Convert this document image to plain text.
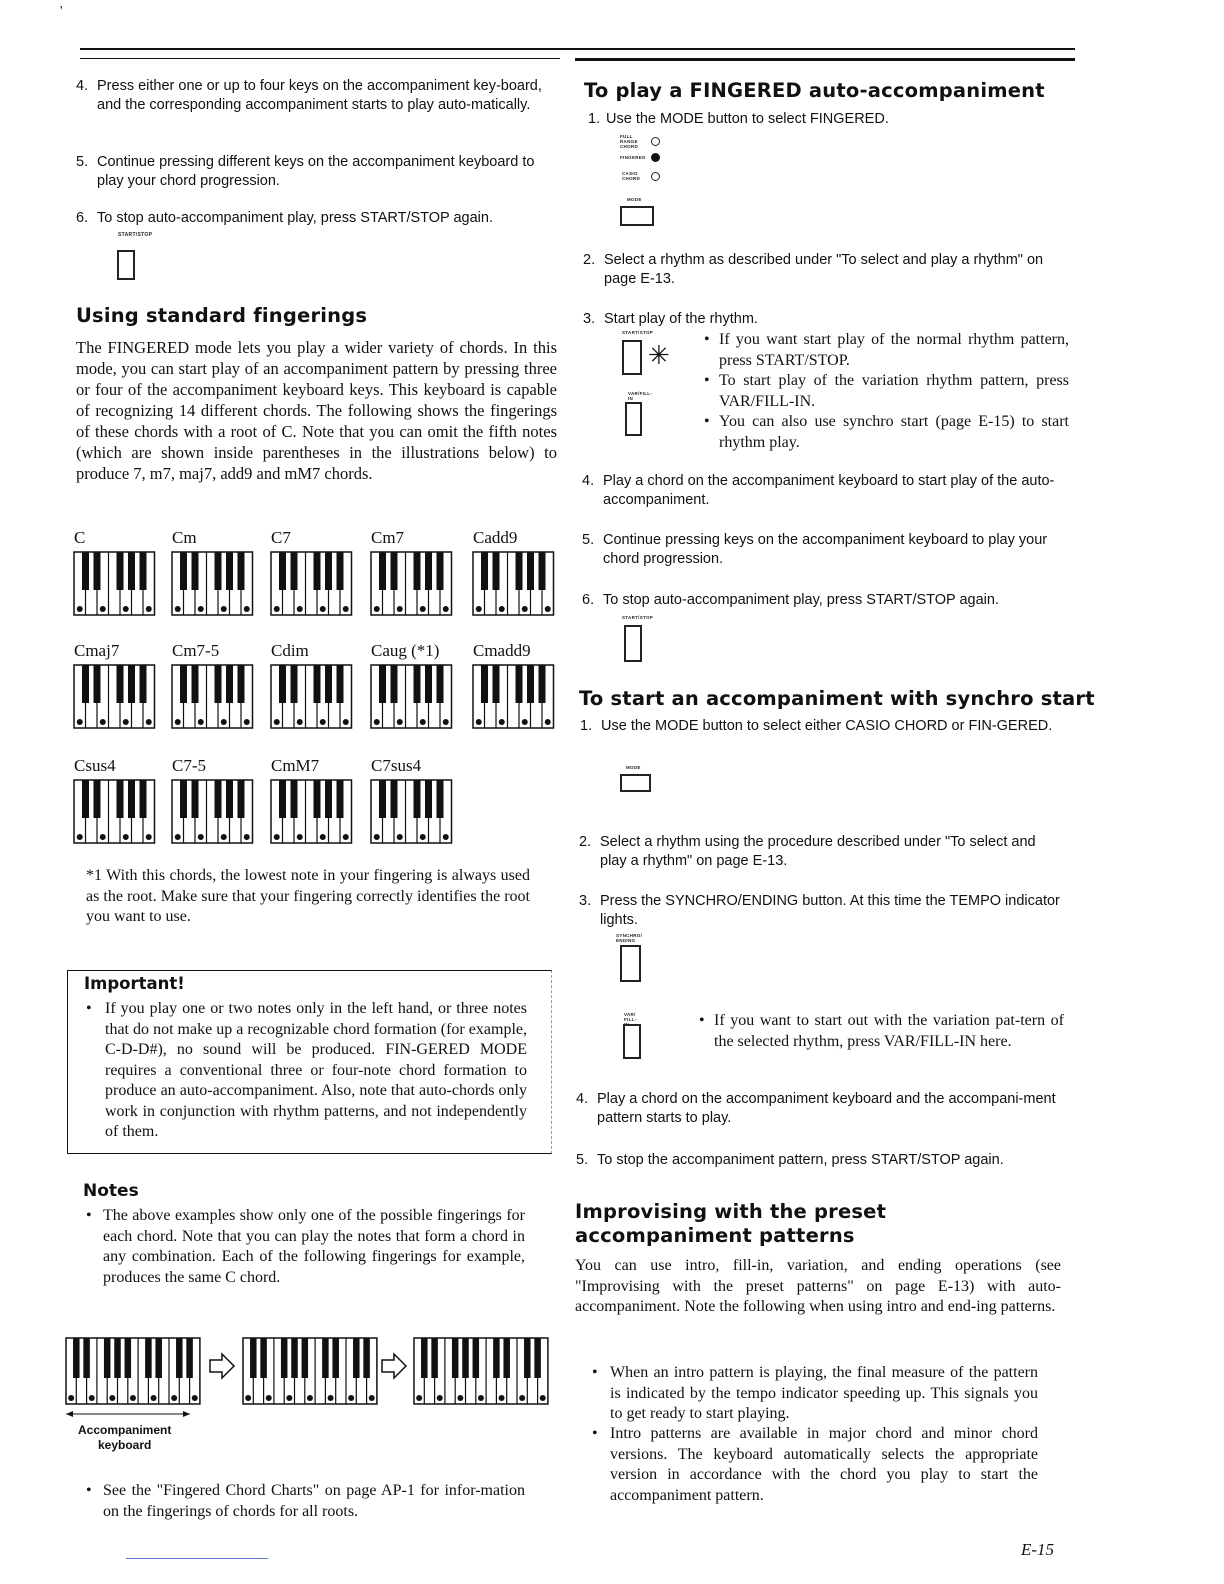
'
4. Press either one or up to four keys on the accompaniment key-board, and the corresponding accompaniment starts to play auto-matically.
5. Continue pressing different keys on the accompaniment keyboard to play your chord progression.
6. To stop auto-accompaniment play, press START/STOP again.
START/STOP
Using standard fingerings
The FINGERED mode lets you play a wider variety of chords. In this mode, you can start play of an accompaniment pattern by pressing three or four of the accompaniment keyboard keys. This keyboard is capable of recognizing 14 different chords. The following shows the fingerings of these chords with a root of C. Note that you can omit the fifth notes (which are shown inside parentheses in the illustrations below) to produce 7, m7, maj7, add9 and mM7 chords.
C	Cm	C7	Cm7	Cadd9
Cmaj7	Cm7-5	Cdim	Caug (*1) Cmadd9
Csus4	C7-5	CmM7	C7sus4
*1 With this chords, the lowest note in your fingering is always used as the root. Make sure that your fingering correctly identifies the root you want to use.
Important!
• If you play one or two notes only in the left hand, or three notes that do not make up a recognizable chord formation (for example, C-D-D#), no sound will be produced. FIN-GERED MODE requires a conventional three or four-note chord formation to produce an auto-accompaniment. Also, note that auto-chords only work in conjunction with rhythm patterns, and not independently of them.
Notes
• The above examples show only one of the possible fingerings for each chord. Note that you can play the notes that form a chord in any combination. Each of the following fingerings for example, produces the same C chord.
Accompaniment
keyboard
• See the "Fingered Chord Charts" on page AP-1 for infor-mation on the fingerings of chords for all roots.
To play a FINGERED auto-accompaniment
1. Use the MODE button to select FINGERED.
FULL RANGE CHORD
FINGERED
CASIO CHORD
MODE
2. Select a rhythm as described under "To select and play a rhythm" on page E-13.
3. Start play of the rhythm.
START/STOP
✳
VAR/FILL-IN
• If you want start play of the normal rhythm pattern, press START/STOP.
• To start play of the variation rhythm pattern, press VAR/FILL-IN.
• You can also use synchro start (page E-15) to start rhythm play.
4. Play a chord on the accompaniment keyboard to start play of the auto-accompaniment.
5. Continue pressing keys on the accompaniment keyboard to play your chord progression.
6. To stop auto-accompaniment play, press START/STOP again.
START/STOP
To start an accompaniment with synchro start
1. Use the MODE button to select either CASIO CHORD or FIN-GERED.
MODE
2. Select a rhythm using the procedure described under "To select and play a rhythm" on page E-13.
3. Press the SYNCHRO/ENDING button. At this time the TEMPO indicator lights.
SYNCHRO/ ENDING
VAR/ FILL-	• If you want to start out with the variation pat-tern of the selected rhythm, press VAR/FILL-IN here.
4. Play a chord on the accompaniment keyboard and the accompani-ment pattern starts to play.
5. To stop the accompaniment pattern, press START/STOP again.
Improvising with the preset accompaniment patterns
You can use intro, fill-in, variation, and ending operations (see "Improvising with the preset patterns" on page E-13) with auto-accompaniment. Note the following when using intro and end-ing patterns.
• When an intro pattern is playing, the final measure of the pattern is indicated by the tempo indicator speeding up. This signals you to get ready to start playing.
• Intro patterns are available in major chord and minor chord versions. The keyboard automatically selects the appropriate version in accordance with the chord you play to start the accompaniment pattern.
E-15
